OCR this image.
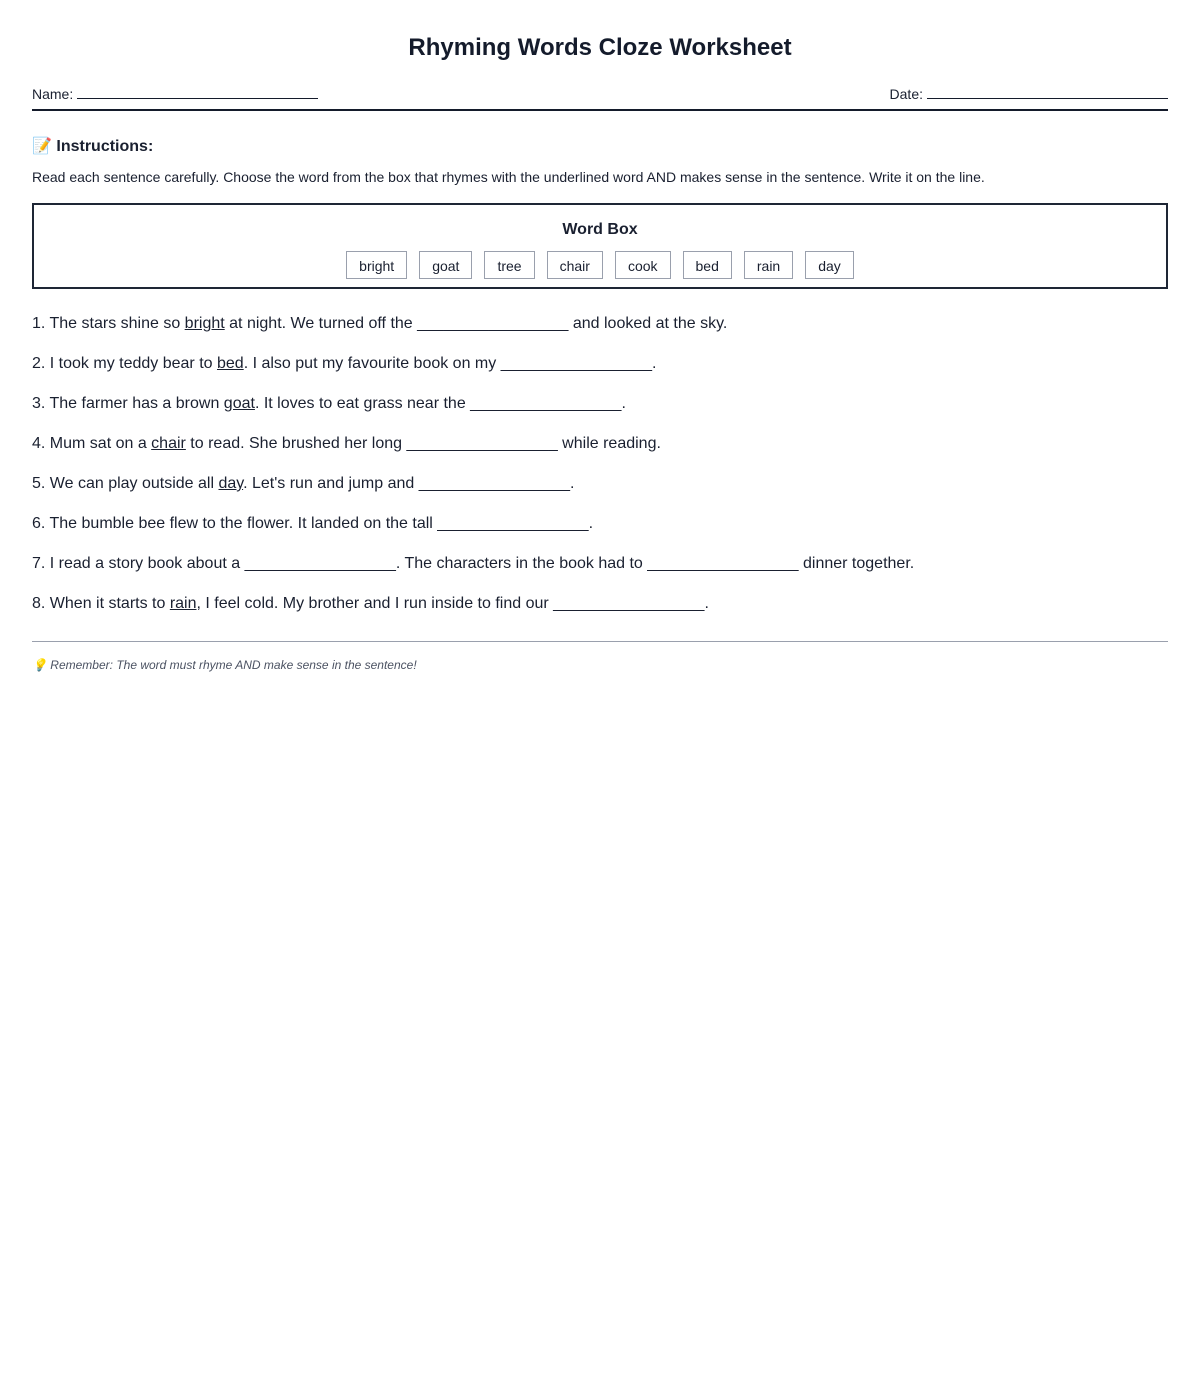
Rhyming Words Cloze Worksheet
Name:	Date:
📝 Instructions:
Read each sentence carefully. Choose the word from the box that rhymes with the underlined word AND makes sense in the sentence. Write it on the line.
Word Box
bright	goat	tree	chair	cook	bed	rain	day
1. The stars shine so bright at night. We turned off the _________________ and looked at the sky.
2. I took my teddy bear to bed. I also put my favourite book on my _________________.
3. The farmer has a brown goat. It loves to eat grass near the _________________.
4. Mum sat on a chair to read. She brushed her long _________________ while reading.
5. We can play outside all day. Let's run and jump and _________________.
6. The bumble bee flew to the flower. It landed on the tall _________________.
7. I read a story book about a _________________. The characters in the book had to _________________ dinner together.
8. When it starts to rain, I feel cold. My brother and I run inside to find our _________________.
💡 Remember: The word must rhyme AND make sense in the sentence!
